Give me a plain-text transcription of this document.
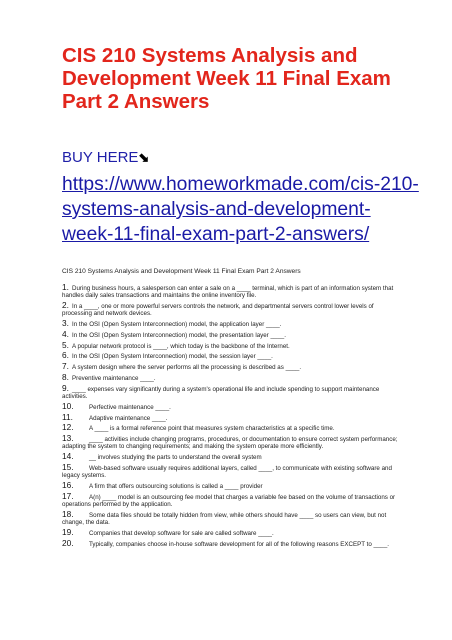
CIS 210 Systems Analysis and Development Week 11 Final Exam Part 2 Answers
BUY HERE⬊
https://www.homeworkmade.com/cis-210-systems-analysis-and-development-week-11-final-exam-part-2-answers/
CIS 210 Systems Analysis and Development Week 11 Final Exam Part 2 Answers
1. During business hours, a salesperson can enter a sale on a ____ terminal, which is part of an information system that handles daily sales transactions and maintains the online inventory file.
2. In a ____, one or more powerful servers controls the network, and departmental servers control lower levels of processing and network devices.
3. In the OSI (Open System Interconnection) model, the application layer ____.
4. In the OSI (Open System Interconnection) model, the presentation layer ____.
5. A popular network protocol is ____, which today is the backbone of the Internet.
6. In the OSI (Open System Interconnection) model, the session layer ____.
7. A system design where the server performs all the processing is described as ____.
8. Preventive maintenance ____.
9. ____ expenses vary significantly during a system's operational life and include spending to support maintenance activities.
10. Perfective maintenance ____.
11.	Adaptive maintenance ____.
12. A ____ is a formal reference point that measures system characteristics at a specific time.
13. ____ activities include changing programs, procedures, or documentation to ensure correct system performance; adapting the system to changing requirements; and making the system operate more efficiently.
14. __ involves studying the parts to understand the overall system
15. Web-based software usually requires additional layers, called ____, to communicate with existing software and legacy systems.
16. A firm that offers outsourcing solutions is called a ____ provider
17. A(n) ____ model is an outsourcing fee model that charges a variable fee based on the volume of transactions or operations performed by the application.
18. Some data files should be totally hidden from view, while others should have ____ so users can view, but not change, the data.
19. Companies that develop software for sale are called software ____.
20. Typically, companies choose in-house software development for all of the following reasons EXCEPT to ____.
